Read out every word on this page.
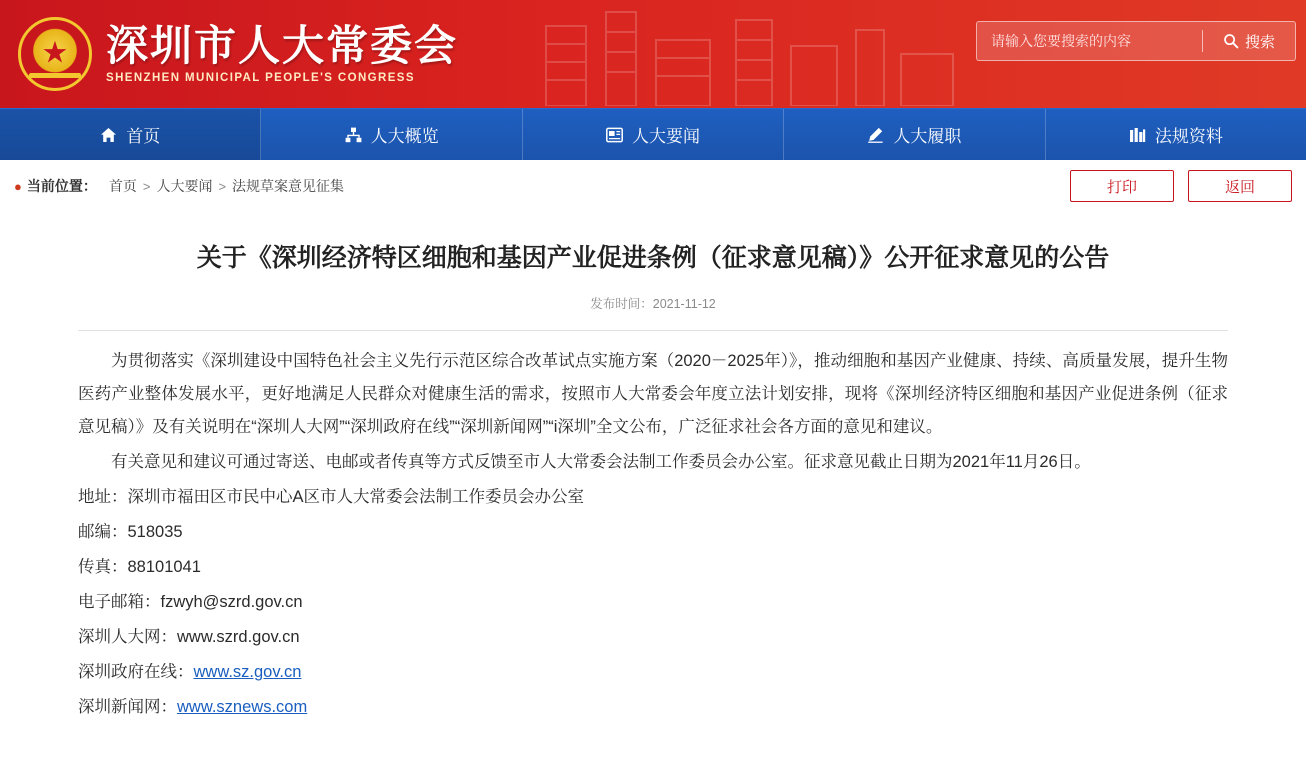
★
深圳市人大常委会
SHENZHEN MUNICIPAL PEOPLE'S CONGRESS
请输入您要搜索的内容
搜索
首页	人大概览	人大要闻	人大履职	法规资料
● 当前位置： 首页 > 人大要闻 > 法规草案意见征集	打印	返回
关于《深圳经济特区细胞和基因产业促进条例（征求意见稿）》公开征求意见的公告
发布时间：2021-11-12

为贯彻落实《深圳建设中国特色社会主义先行示范区综合改革试点实施方案（2020－2025年）》，推动细胞和基因产业健康、持续、高质量发展，提升生物医药产业整体发展水平，更好地满足人民群众对健康生活的需求，按照市人大常委会年度立法计划安排，现将《深圳经济特区细胞和基因产业促进条例（征求意见稿）》及有关说明在“深圳人大网”“深圳政府在线”“深圳新闻网”“i深圳”全文公布，广泛征求社会各方面的意见和建议。

有关意见和建议可通过寄送、电邮或者传真等方式反馈至市人大常委会法制工作委员会办公室。征求意见截止日期为2021年11月26日。

地址：深圳市福田区市民中心A区市人大常委会法制工作委员会办公室

邮编：518035

传真：88101041

电子邮箱：fzwyh@szrd.gov.cn

深圳人大网：www.szrd.gov.cn

深圳政府在线：www.sz.gov.cn

深圳新闻网：www.sznews.com
